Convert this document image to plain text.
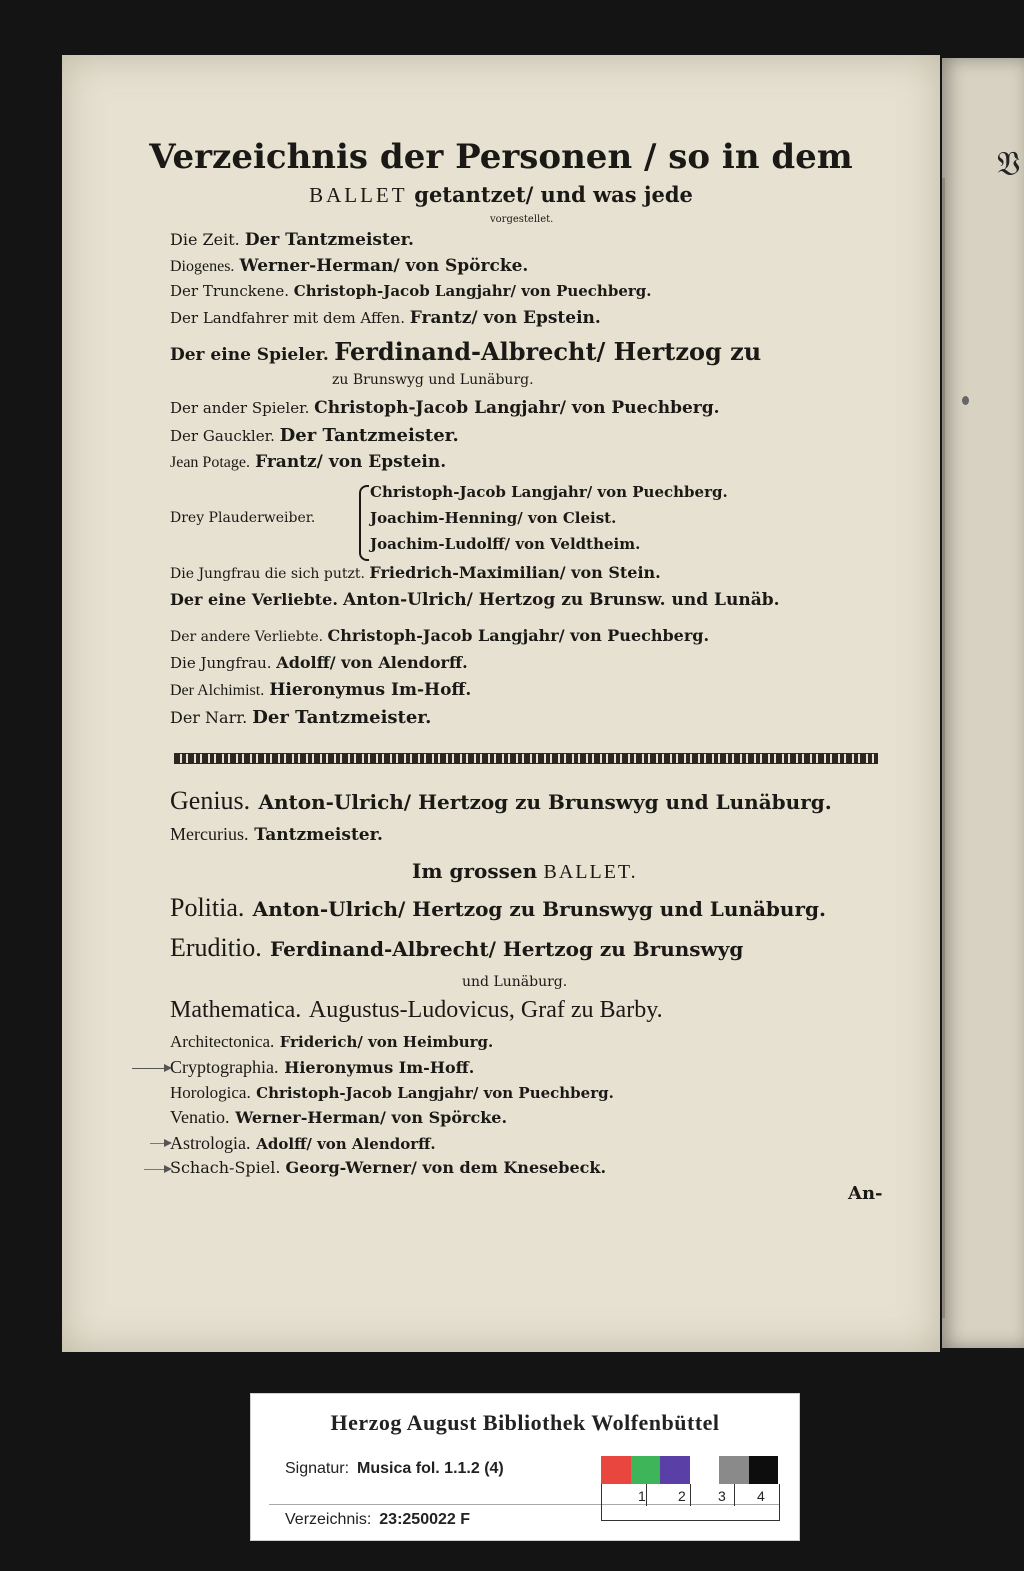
𝔙
Verzeichnis der Personen / so in dem
BALLET getantzet/ und was jede
vorgestellet.
Die Zeit. Der Tantzmeister.
Diogenes. Werner-Herman/ von Spörcke.
Der Trunckene. Christoph-Jacob Langjahr/ von Puechberg.
Der Landfahrer mit dem Affen. Frantz/ von Epstein.
Der eine Spieler. Ferdinand-Albrecht/ Hertzog zu
zu Brunswyg und Lunäburg.
Der ander Spieler. Christoph-Jacob Langjahr/ von Puechberg.
Der Gauckler. Der Tantzmeister.
Jean Potage. Frantz/ von Epstein.
Drey Plauderweiber.
Christoph-Jacob Langjahr/ von Puechberg.
Joachim-Henning/ von Cleist.
Joachim-Ludolff/ von Veldtheim.
Die Jungfrau die sich putzt. Friedrich-Maximilian/ von Stein.
Der eine Verliebte. Anton-Ulrich/ Hertzog zu Brunsw. und Lunäb.
Der andere Verliebte. Christoph-Jacob Langjahr/ von Puechberg.
Die Jungfrau. Adolff/ von Alendorff.
Der Alchimist. Hieronymus Im-Hoff.
Der Narr. Der Tantzmeister.
Genius. Anton-Ulrich/ Hertzog zu Brunswyg und Lunäburg.
Mercurius. Tantzmeister.
Im grossen BALLET.
Politia. Anton-Ulrich/ Hertzog zu Brunswyg und Lunäburg.
Eruditio. Ferdinand-Albrecht/ Hertzog zu Brunswyg
und Lunäburg.
Mathematica. Augustus-Ludovicus, Graf zu Barby.
Architectonica. Friderich/ von Heimburg.
Cryptographia. Hieronymus Im-Hoff.
Horologica. Christoph-Jacob Langjahr/ von Puechberg.
Venatio. Werner-Herman/ von Spörcke.
Astrologia. Adolff/ von Alendorff.
Schach-Spiel. Georg-Werner/ von dem Knesebeck.
An-
Herzog August Bibliothek Wolfenbüttel
Signatur: Musica fol. 1.1.2 (4)
Verzeichnis: 23:250022 F
1 2 3 4
